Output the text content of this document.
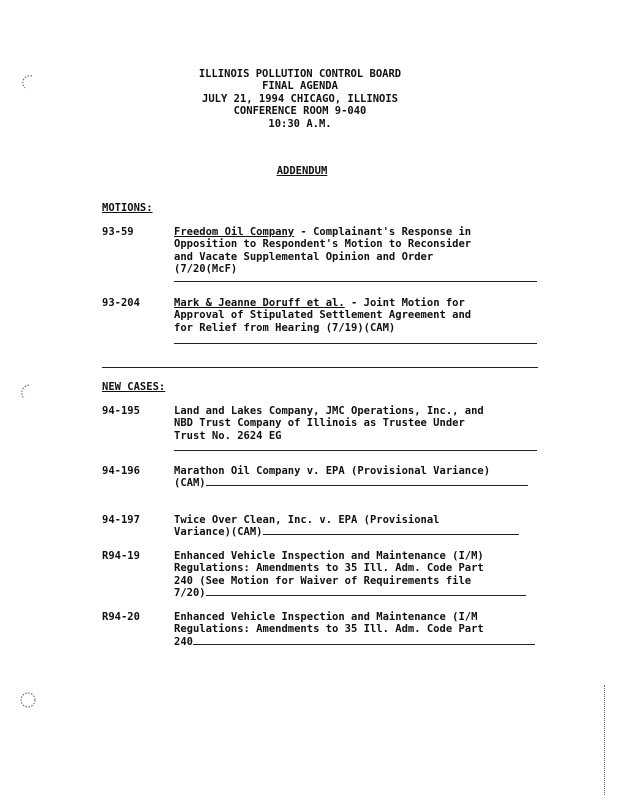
ILLINOIS POLLUTION CONTROL BOARD
FINAL AGENDA
JULY 21, 1994 CHICAGO, ILLINOIS
CONFERENCE ROOM 9-040
10:30 A.M.
ADDENDUM
MOTIONS:
93-59	Freedom Oil Company - Complainant's Response in
Opposition to Respondent's Motion to Reconsider
and Vacate Supplemental Opinion and Order
(7/20(McF)
93-204	Mark & Jeanne Doruff et al. - Joint Motion for
Approval of Stipulated Settlement Agreement and
for Relief from Hearing (7/19)(CAM)
NEW CASES:
94-195	Land and Lakes Company, JMC Operations, Inc., and
NBD Trust Company of Illinois as Trustee Under
Trust No. 2624 EG
94-196	Marathon Oil Company v. EPA (Provisional Variance)
(CAM)
94-197	Twice Over Clean, Inc. v. EPA (Provisional
Variance)(CAM)
R94-19	Enhanced Vehicle Inspection and Maintenance (I/M)
Regulations: Amendments to 35 Ill. Adm. Code Part
240 (See Motion for Waiver of Requirements file
7/20)
R94-20	Enhanced Vehicle Inspection and Maintenance (I/M
Regulations: Amendments to 35 Ill. Adm. Code Part
240
